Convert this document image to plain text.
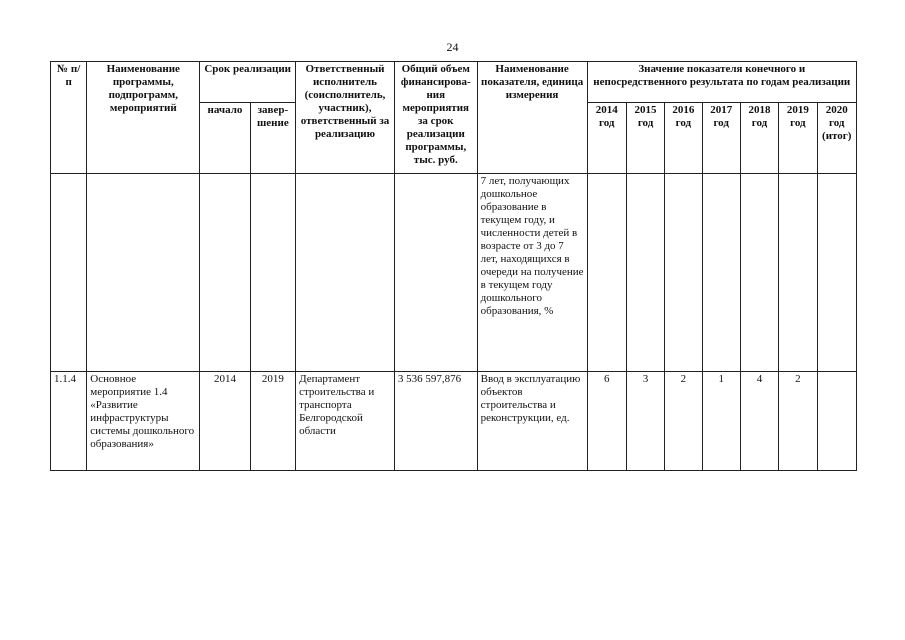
24
№ п/п	Наименование программы, подпрограмм, мероприятий	Срок реализации		Ответственный исполнитель (соисполнитель, участник), ответственный за реализацию	Общий объем финансирова-ния мероприятия за срок реализации программы, тыс. руб.	Наименование показателя, единица измерения	Значение показателя конечного и непосредственного результата по годам реализации						
		начало	завер-шение				2014 год	2015 год	2016 год	2017 год	2018 год	2019 год	2020 год (итог)
						7 лет, получающих дошкольное образование в текущем году, и численности детей в возрасте от 3 до 7 лет, находящихся в очереди на получение в текущем году дошкольного образования, %							
1.1.4	Основное мероприятие 1.4 «Развитие инфраструктуры системы дошкольного образования»	2014	2019	Департамент строительства и транспорта Белгородской области	3 536 597,876	Ввод в эксплуатацию объектов строительства и реконструкции, ед.	6	3	2	1	4	2	
